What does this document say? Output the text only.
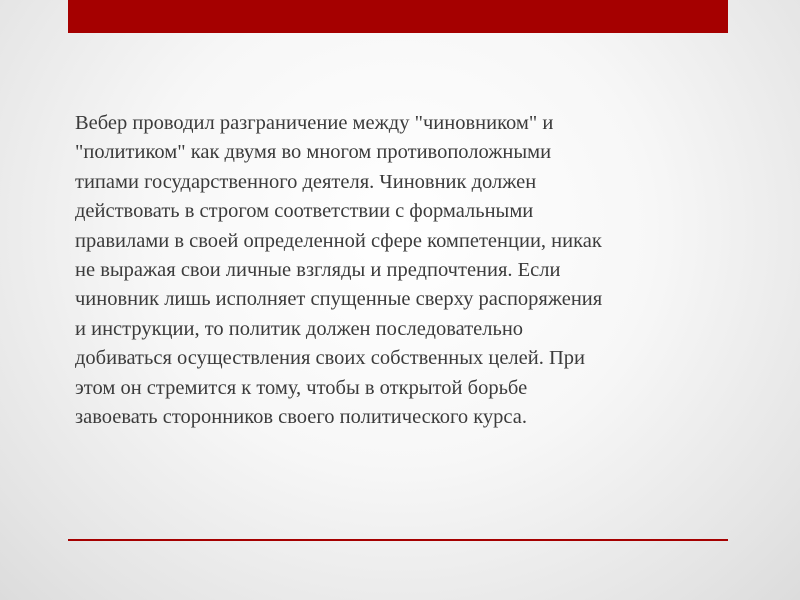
Вебер проводил разграничение между "чиновником" и
"политиком" как двумя во многом противоположными
типами государственного деятеля. Чиновник должен
действовать в строгом соответствии с формальными
правилами в своей определенной сфере компетенции, никак
не выражая свои личные взгляды и предпочтения. Если
чиновник лишь исполняет спущенные сверху распоряжения
и инструкции, то политик должен последовательно
добиваться осуществления своих собственных целей. При
этом он стремится к тому, чтобы в открытой борьбе
завоевать сторонников своего политического курса.
